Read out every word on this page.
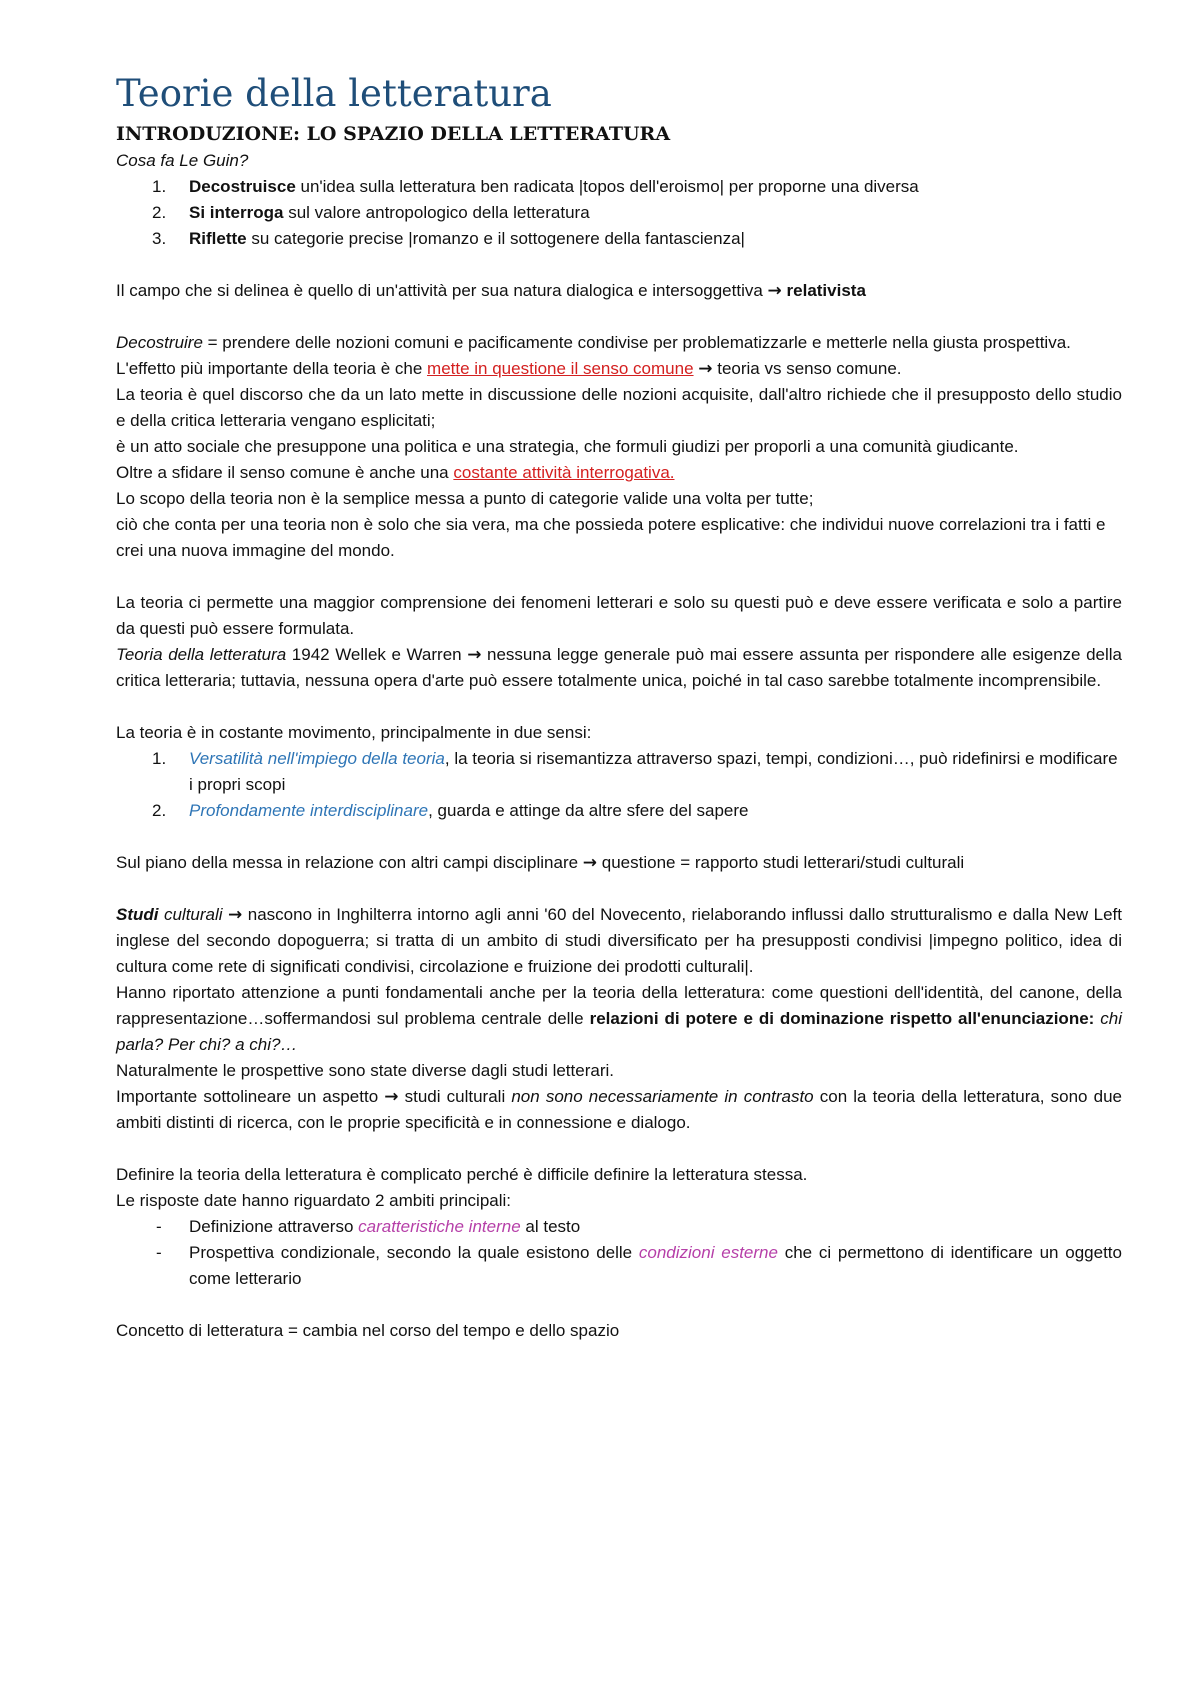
Teorie della letteratura
INTRODUZIONE: LO SPAZIO DELLA LETTERATURA

Cosa fa Le Guin?

1. Decostruisce un'idea sulla letteratura ben radicata |topos dell'eroismo| per proporne una diversa
2. Si interroga sul valore antropologico della letteratura
3. Riflette su categorie precise |romanzo e il sottogenere della fantascienza|

Il campo che si delinea è quello di un'attività per sua natura dialogica e intersoggettiva → relativista

Decostruire = prendere delle nozioni comuni e pacificamente condivise per problematizzarle e metterle nella giusta prospettiva.

L'effetto più importante della teoria è che mette in questione il senso comune → teoria vs senso comune.

La teoria è quel discorso che da un lato mette in discussione delle nozioni acquisite, dall'altro richiede che il presupposto dello studio e della critica letteraria vengano esplicitati;

è un atto sociale che presuppone una politica e una strategia, che formuli giudizi per proporli a una comunità giudicante.

Oltre a sfidare il senso comune è anche una costante attività interrogativa.

Lo scopo della teoria non è la semplice messa a punto di categorie valide una volta per tutte;

ciò che conta per una teoria non è solo che sia vera, ma che possieda potere esplicative: che individui nuove correlazioni tra i fatti e crei una nuova immagine del mondo.

La teoria ci permette una maggior comprensione dei fenomeni letterari e solo su questi può e deve essere verificata e solo a partire da questi può essere formulata.

Teoria della letteratura 1942 Wellek e Warren → nessuna legge generale può mai essere assunta per rispondere alle esigenze della critica letteraria; tuttavia, nessuna opera d'arte può essere totalmente unica, poiché in tal caso sarebbe totalmente incomprensibile.

La teoria è in costante movimento, principalmente in due sensi:

1. Versatilità nell'impiego della teoria, la teoria si risemantizza attraverso spazi, tempi, condizioni…, può ridefinirsi e modificare i propri scopi
2. Profondamente interdisciplinare, guarda e attinge da altre sfere del sapere

Sul piano della messa in relazione con altri campi disciplinare → questione = rapporto studi letterari/studi culturali

Studi culturali → nascono in Inghilterra intorno agli anni '60 del Novecento, rielaborando influssi dallo strutturalismo e dalla New Left inglese del secondo dopoguerra; si tratta di un ambito di studi diversificato per ha presupposti condivisi |impegno politico, idea di cultura come rete di significati condivisi, circolazione e fruizione dei prodotti culturali|.

Hanno riportato attenzione a punti fondamentali anche per la teoria della letteratura: come questioni dell'identità, del canone, della rappresentazione…soffermandosi sul problema centrale delle relazioni di potere e di dominazione rispetto all'enunciazione: chi parla? Per chi? a chi?…

Naturalmente le prospettive sono state diverse dagli studi letterari.

Importante sottolineare un aspetto → studi culturali non sono necessariamente in contrasto con la teoria della letteratura, sono due ambiti distinti di ricerca, con le proprie specificità e in connessione e dialogo.

Definire la teoria della letteratura è complicato perché è difficile definire la letteratura stessa.

Le risposte date hanno riguardato 2 ambiti principali:

- Definizione attraverso caratteristiche interne al testo
- Prospettiva condizionale, secondo la quale esistono delle condizioni esterne che ci permettono di identificare un oggetto come letterario

Concetto di letteratura = cambia nel corso del tempo e dello spazio
